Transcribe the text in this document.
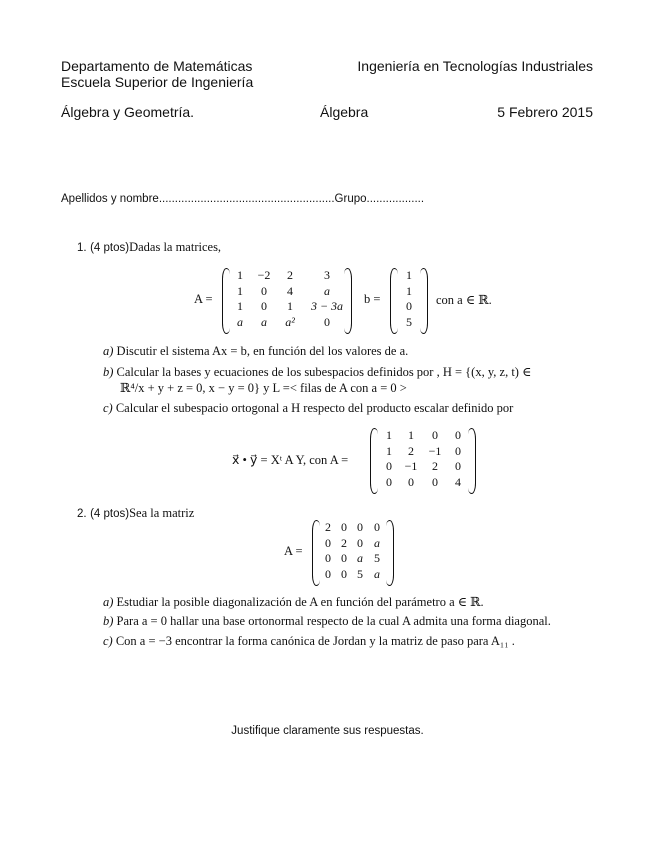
Departamento de Matemáticas
Escuela Superior de Ingeniería
Ingeniería en Tecnologías Industriales
Álgebra y Geometría.	Álgebra	5 Febrero 2015
Apellidos y nombre.......................................................Grupo..................
1. (4 ptos)Dadas la matrices,
A =
1	−2	2	3
1	0	4	a
1	0	1	3 − 3a
a	a	a²	0
b =
1
1
0
5
con a ∈ ℝ.
a) Discutir el sistema Ax = b, en función del los valores de a.
b) Calcular la bases y ecuaciones de los subespacios definidos por , H = {(x, y, z, t) ∈
ℝ⁴/x + y + z = 0, x − y = 0} y L =< filas de A con a = 0 >
c) Calcular el subespacio ortogonal a H respecto del producto escalar definido por
x⃗ • y⃗ = Xᵗ A Y, con A =
1	1	0	0
1	2	−1	0
0	−1	2	0
0	0	0	4
2. (4 ptos)Sea la matriz
A =
2	0	0	0
0	2	0	a
0	0	a	5
0	0	5	a
a) Estudiar la posible diagonalización de A en función del parámetro a ∈ ℝ.
b) Para a = 0 hallar una base ortonormal respecto de la cual A admita una forma diagonal.
c) Con a = −3 encontrar la forma canónica de Jordan y la matriz de paso para A₁₁ .
Justifique claramente sus respuestas.
